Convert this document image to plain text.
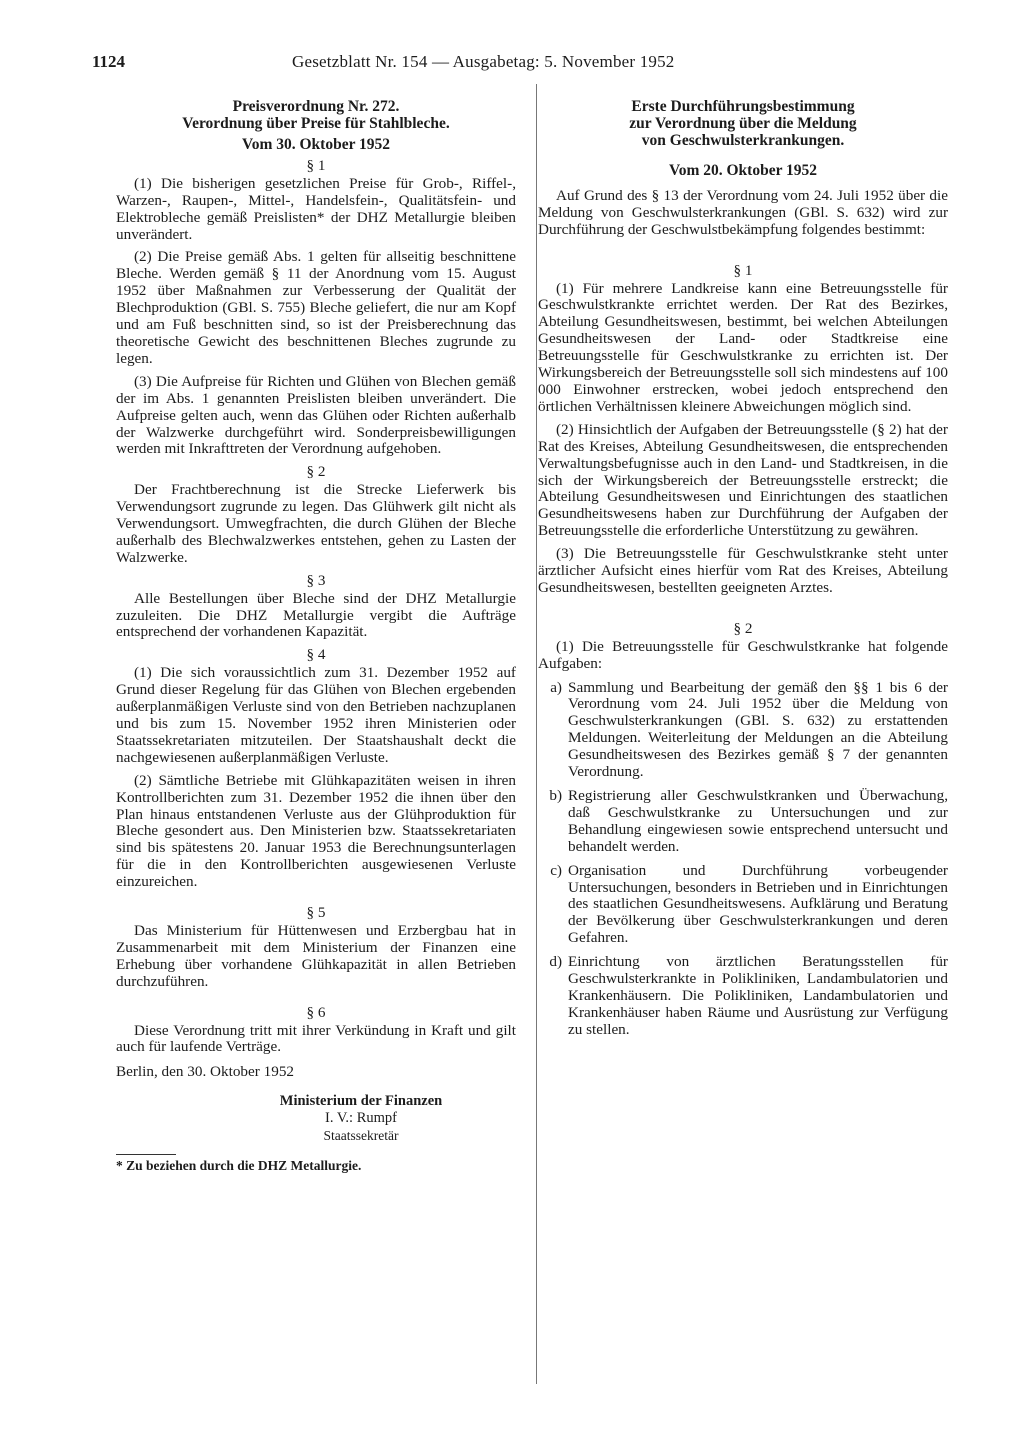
1124	Gesetzblatt Nr. 154 — Ausgabetag: 5. November 1952
Preisverordnung Nr. 272.
Verordnung über Preise für Stahlbleche.
Vom 30. Oktober 1952
§ 1

(1) Die bisherigen gesetzlichen Preise für Grob-, Riffel-, Warzen-, Raupen-, Mittel-, Handelsfein-, Qualitätsfein- und Elektrobleche gemäß Preislisten* der DHZ Metallurgie bleiben unverändert.

(2) Die Preise gemäß Abs. 1 gelten für allseitig beschnittene Bleche. Werden gemäß § 11 der Anordnung vom 15. August 1952 über Maßnahmen zur Verbesserung der Qualität der Blechproduktion (GBl. S. 755) Bleche geliefert, die nur am Kopf und am Fuß beschnitten sind, so ist der Preisberechnung das theoretische Gewicht des beschnittenen Bleches zugrunde zu legen.

(3) Die Aufpreise für Richten und Glühen von Blechen gemäß der im Abs. 1 genannten Preislisten bleiben unverändert. Die Aufpreise gelten auch, wenn das Glühen oder Richten außerhalb der Walzwerke durchgeführt wird. Sonderpreisbewilligungen werden mit Inkrafttreten der Verordnung aufgehoben.

§ 2

Der Frachtberechnung ist die Strecke Lieferwerk bis Verwendungsort zugrunde zu legen. Das Glühwerk gilt nicht als Verwendungsort. Umwegfrachten, die durch Glühen der Bleche außerhalb des Blechwalzwerkes entstehen, gehen zu Lasten der Walzwerke.

§ 3

Alle Bestellungen über Bleche sind der DHZ Metallurgie zuzuleiten. Die DHZ Metallurgie vergibt die Aufträge entsprechend der vorhandenen Kapazität.

§ 4

(1) Die sich voraussichtlich zum 31. Dezember 1952 auf Grund dieser Regelung für das Glühen von Blechen ergebenden außerplanmäßigen Verluste sind von den Betrieben nachzuplanen und bis zum 15. November 1952 ihren Ministerien oder Staatssekretariaten mitzuteilen. Der Staatshaushalt deckt die nachgewiesenen außerplanmäßigen Verluste.

(2) Sämtliche Betriebe mit Glühkapazitäten weisen in ihren Kontrollberichten zum 31. Dezember 1952 die ihnen über den Plan hinaus entstandenen Verluste aus der Glühproduktion für Bleche gesondert aus. Den Ministerien bzw. Staatssekretariaten sind bis spätestens 20. Januar 1953 die Berechnungsunterlagen für die in den Kontrollberichten ausgewiesenen Verluste einzureichen.

§ 5

Das Ministerium für Hüttenwesen und Erzbergbau hat in Zusammenarbeit mit dem Ministerium der Finanzen eine Erhebung über vorhandene Glühkapazität in allen Betrieben durchzuführen.

§ 6

Diese Verordnung tritt mit ihrer Verkündung in Kraft und gilt auch für laufende Verträge.

Berlin, den 30. Oktober 1952

Ministerium der Finanzen
I. V.: Rumpf
Staatssekretär
* Zu beziehen durch die DHZ Metallurgie.
Erste Durchführungsbestimmung
zur Verordnung über die Meldung
von Geschwulsterkrankungen.
Vom 20. Oktober 1952

Auf Grund des § 13 der Verordnung vom 24. Juli 1952 über die Meldung von Geschwulsterkrankungen (GBl. S. 632) wird zur Durchführung der Geschwulstbekämpfung folgendes bestimmt:

§ 1

(1) Für mehrere Landkreise kann eine Betreuungsstelle für Geschwulstkrankte errichtet werden. Der Rat des Bezirkes, Abteilung Gesundheitswesen, bestimmt, bei welchen Abteilungen Gesundheitswesen der Land- oder Stadtkreise eine Betreuungsstelle für Geschwulstkranke zu errichten ist. Der Wirkungsbereich der Betreuungsstelle soll sich mindestens auf 100 000 Einwohner erstrecken, wobei jedoch entsprechend den örtlichen Verhältnissen kleinere Abweichungen möglich sind.

(2) Hinsichtlich der Aufgaben der Betreuungsstelle (§ 2) hat der Rat des Kreises, Abteilung Gesundheitswesen, die entsprechenden Verwaltungsbefugnisse auch in den Land- und Stadtkreisen, in die sich der Wirkungsbereich der Betreuungsstelle erstreckt; die Abteilung Gesundheitswesen und Einrichtungen des staatlichen Gesundheitswesens haben zur Durchführung der Aufgaben der Betreuungsstelle die erforderliche Unterstützung zu gewähren.

(3) Die Betreuungsstelle für Geschwulstkranke steht unter ärztlicher Aufsicht eines hierfür vom Rat des Kreises, Abteilung Gesundheitswesen, bestellten geeigneten Arztes.

§ 2

(1) Die Betreuungsstelle für Geschwulstkranke hat folgende Aufgaben:

a) Sammlung und Bearbeitung der gemäß den §§ 1 bis 6 der Verordnung vom 24. Juli 1952 über die Meldung von Geschwulsterkrankungen (GBl. S. 632) zu erstattenden Meldungen. Weiterleitung der Meldungen an die Abteilung Gesundheitswesen des Bezirkes gemäß § 7 der genannten Verordnung.
b) Registrierung aller Geschwulstkranken und Überwachung, daß Geschwulstkranke zu Untersuchungen und zur Behandlung eingewiesen sowie entsprechend untersucht und behandelt werden.
c) Organisation und Durchführung vorbeugender Untersuchungen, besonders in Betrieben und in Einrichtungen des staatlichen Gesundheitswesens. Aufklärung und Beratung der Bevölkerung über Geschwulsterkrankungen und deren Gefahren.
d) Einrichtung von ärztlichen Beratungsstellen für Geschwulsterkrankte in Polikliniken, Landambulatorien und Krankenhäusern. Die Polikliniken, Landambulatorien und Krankenhäuser haben Räume und Ausrüstung zur Verfügung zu stellen.
